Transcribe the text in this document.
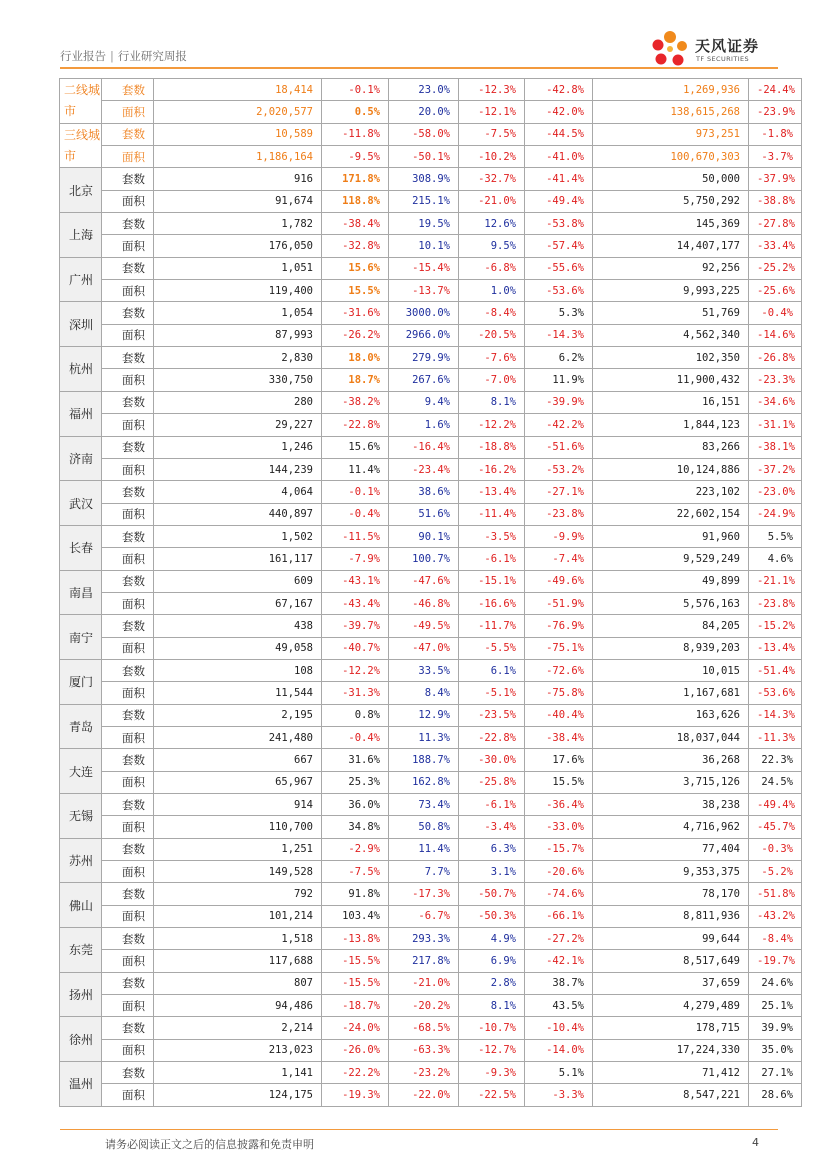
行业报告 | 行业研究周报
天风证券
TF SECURITIES
二线城市	套数	18,414	-0.1%	23.0%	-12.3%	-42.8%	1,269,936	-24.4%
	面积	2,020,577	0.5%	20.0%	-12.1%	-42.0%	138,615,268	-23.9%
三线城市	套数	10,589	-11.8%	-58.0%	-7.5%	-44.5%	973,251	-1.8%
	面积	1,186,164	-9.5%	-50.1%	-10.2%	-41.0%	100,670,303	-3.7%
北京	套数	916	171.8%	308.9%	-32.7%	-41.4%	50,000	-37.9%
	面积	91,674	118.8%	215.1%	-21.0%	-49.4%	5,750,292	-38.8%
上海	套数	1,782	-38.4%	19.5%	12.6%	-53.8%	145,369	-27.8%
	面积	176,050	-32.8%	10.1%	9.5%	-57.4%	14,407,177	-33.4%
广州	套数	1,051	15.6%	-15.4%	-6.8%	-55.6%	92,256	-25.2%
	面积	119,400	15.5%	-13.7%	1.0%	-53.6%	9,993,225	-25.6%
深圳	套数	1,054	-31.6%	3000.0%	-8.4%	5.3%	51,769	-0.4%
	面积	87,993	-26.2%	2966.0%	-20.5%	-14.3%	4,562,340	-14.6%
杭州	套数	2,830	18.0%	279.9%	-7.6%	6.2%	102,350	-26.8%
	面积	330,750	18.7%	267.6%	-7.0%	11.9%	11,900,432	-23.3%
福州	套数	280	-38.2%	9.4%	8.1%	-39.9%	16,151	-34.6%
	面积	29,227	-22.8%	1.6%	-12.2%	-42.2%	1,844,123	-31.1%
济南	套数	1,246	15.6%	-16.4%	-18.8%	-51.6%	83,266	-38.1%
	面积	144,239	11.4%	-23.4%	-16.2%	-53.2%	10,124,886	-37.2%
武汉	套数	4,064	-0.1%	38.6%	-13.4%	-27.1%	223,102	-23.0%
	面积	440,897	-0.4%	51.6%	-11.4%	-23.8%	22,602,154	-24.9%
长春	套数	1,502	-11.5%	90.1%	-3.5%	-9.9%	91,960	5.5%
	面积	161,117	-7.9%	100.7%	-6.1%	-7.4%	9,529,249	4.6%
南昌	套数	609	-43.1%	-47.6%	-15.1%	-49.6%	49,899	-21.1%
	面积	67,167	-43.4%	-46.8%	-16.6%	-51.9%	5,576,163	-23.8%
南宁	套数	438	-39.7%	-49.5%	-11.7%	-76.9%	84,205	-15.2%
	面积	49,058	-40.7%	-47.0%	-5.5%	-75.1%	8,939,203	-13.4%
厦门	套数	108	-12.2%	33.5%	6.1%	-72.6%	10,015	-51.4%
	面积	11,544	-31.3%	8.4%	-5.1%	-75.8%	1,167,681	-53.6%
青岛	套数	2,195	0.8%	12.9%	-23.5%	-40.4%	163,626	-14.3%
	面积	241,480	-0.4%	11.3%	-22.8%	-38.4%	18,037,044	-11.3%
大连	套数	667	31.6%	188.7%	-30.0%	17.6%	36,268	22.3%
	面积	65,967	25.3%	162.8%	-25.8%	15.5%	3,715,126	24.5%
无锡	套数	914	36.0%	73.4%	-6.1%	-36.4%	38,238	-49.4%
	面积	110,700	34.8%	50.8%	-3.4%	-33.0%	4,716,962	-45.7%
苏州	套数	1,251	-2.9%	11.4%	6.3%	-15.7%	77,404	-0.3%
	面积	149,528	-7.5%	7.7%	3.1%	-20.6%	9,353,375	-5.2%
佛山	套数	792	91.8%	-17.3%	-50.7%	-74.6%	78,170	-51.8%
	面积	101,214	103.4%	-6.7%	-50.3%	-66.1%	8,811,936	-43.2%
东莞	套数	1,518	-13.8%	293.3%	4.9%	-27.2%	99,644	-8.4%
	面积	117,688	-15.5%	217.8%	6.9%	-42.1%	8,517,649	-19.7%
扬州	套数	807	-15.5%	-21.0%	2.8%	38.7%	37,659	24.6%
	面积	94,486	-18.7%	-20.2%	8.1%	43.5%	4,279,489	25.1%
徐州	套数	2,214	-24.0%	-68.5%	-10.7%	-10.4%	178,715	39.9%
	面积	213,023	-26.0%	-63.3%	-12.7%	-14.0%	17,224,330	35.0%
温州	套数	1,141	-22.2%	-23.2%	-9.3%	5.1%	71,412	27.1%
	面积	124,175	-19.3%	-22.0%	-22.5%	-3.3%	8,547,221	28.6%
请务必阅读正文之后的信息披露和免责申明	4
